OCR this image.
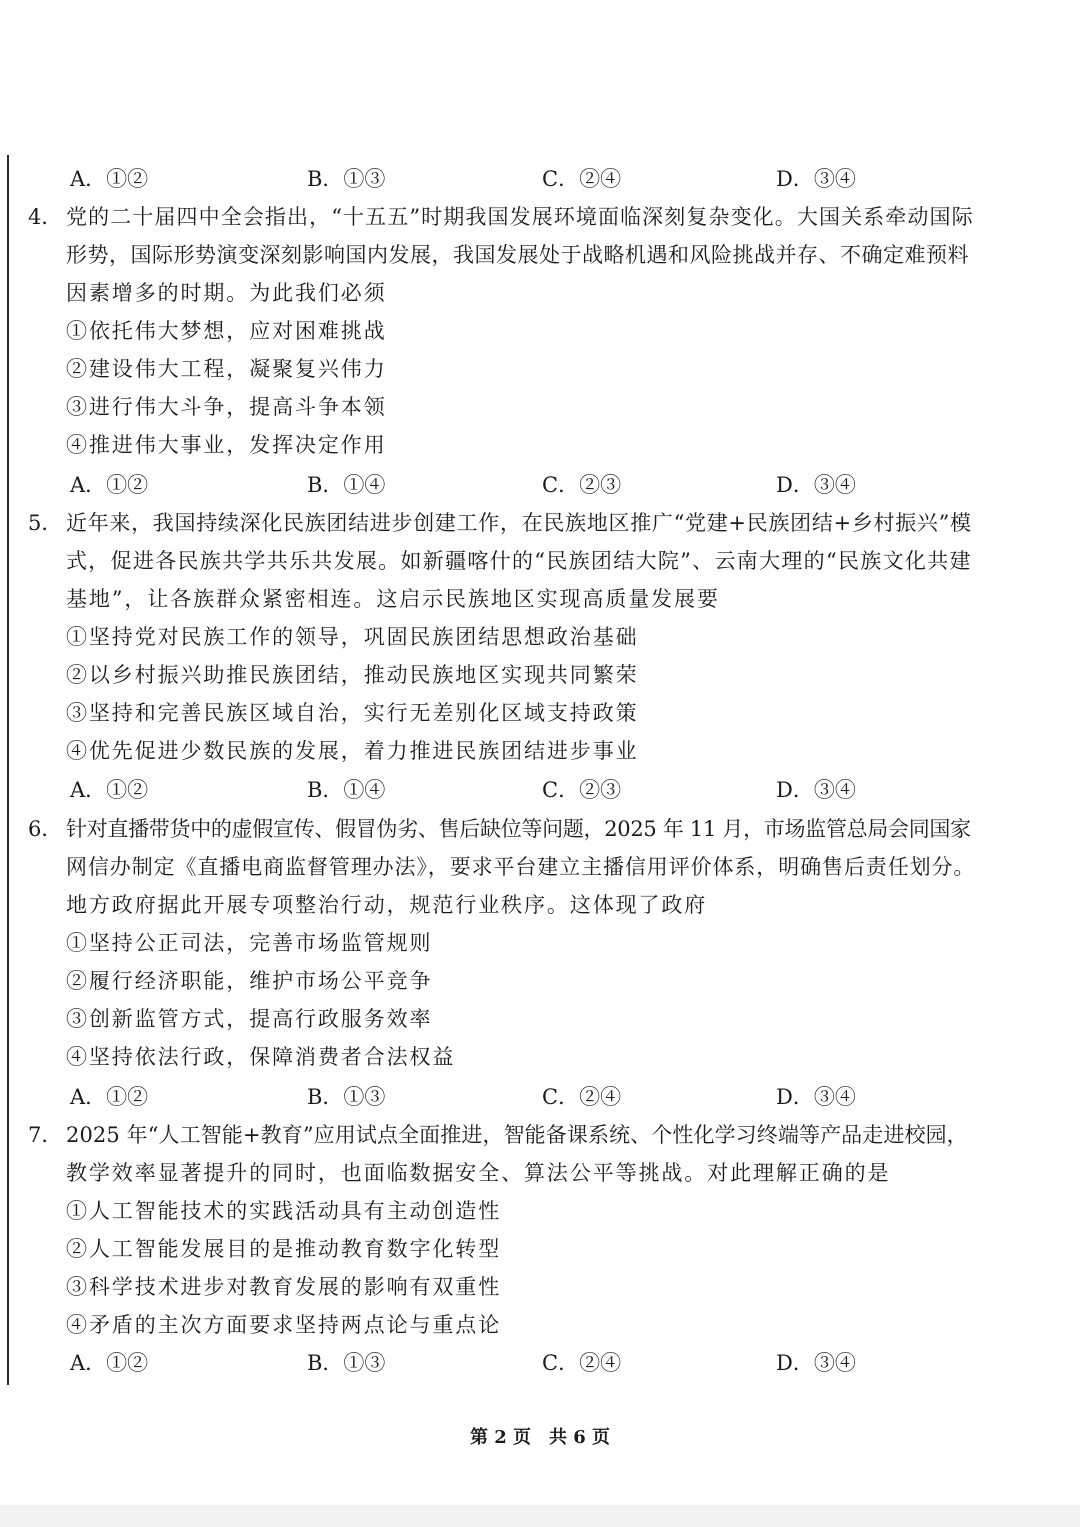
A．①②	B．①③	C．②④	D．③④
4． 党的二十届四中全会指出，“十五五”时期我国发展环境面临深刻复杂变化。大国关系牵动国际
形势，国际形势演变深刻影响国内发展，我国发展处于战略机遇和风险挑战并存、不确定难预料
因素增多的时期。为此我们必须
①依托伟大梦想，应对困难挑战
②建设伟大工程，凝聚复兴伟力
③进行伟大斗争，提高斗争本领
④推进伟大事业，发挥决定作用
A．①②	B．①④	C．②③	D．③④
5． 近年来，我国持续深化民族团结进步创建工作，在民族地区推广“党建+民族团结+乡村振兴”模
式，促进各民族共学共乐共发展。如新疆喀什的“民族团结大院”、云南大理的“民族文化共建
基地”，让各族群众紧密相连。这启示民族地区实现高质量发展要
①坚持党对民族工作的领导，巩固民族团结思想政治基础
②以乡村振兴助推民族团结，推动民族地区实现共同繁荣
③坚持和完善民族区域自治，实行无差别化区域支持政策
④优先促进少数民族的发展，着力推进民族团结进步事业
A．①②	B．①④	C．②③	D．③④
6． 针对直播带货中的虚假宣传、假冒伪劣、售后缺位等问题，2025 年 11 月，市场监管总局会同国家
网信办制定《直播电商监督管理办法》，要求平台建立主播信用评价体系，明确售后责任划分。
地方政府据此开展专项整治行动，规范行业秩序。这体现了政府
①坚持公正司法，完善市场监管规则
②履行经济职能，维护市场公平竞争
③创新监管方式，提高行政服务效率
④坚持依法行政，保障消费者合法权益
A．①②	B．①③	C．②④	D．③④
7． 2025 年“人工智能+教育”应用试点全面推进，智能备课系统、个性化学习终端等产品走进校园，
教学效率显著提升的同时，也面临数据安全、算法公平等挑战。对此理解正确的是
①人工智能技术的实践活动具有主动创造性
②人工智能发展目的是推动教育数字化转型
③科学技术进步对教育发展的影响有双重性
④矛盾的主次方面要求坚持两点论与重点论
A．①②	B．①③	C．②④	D．③④
第 2 页　共 6 页
